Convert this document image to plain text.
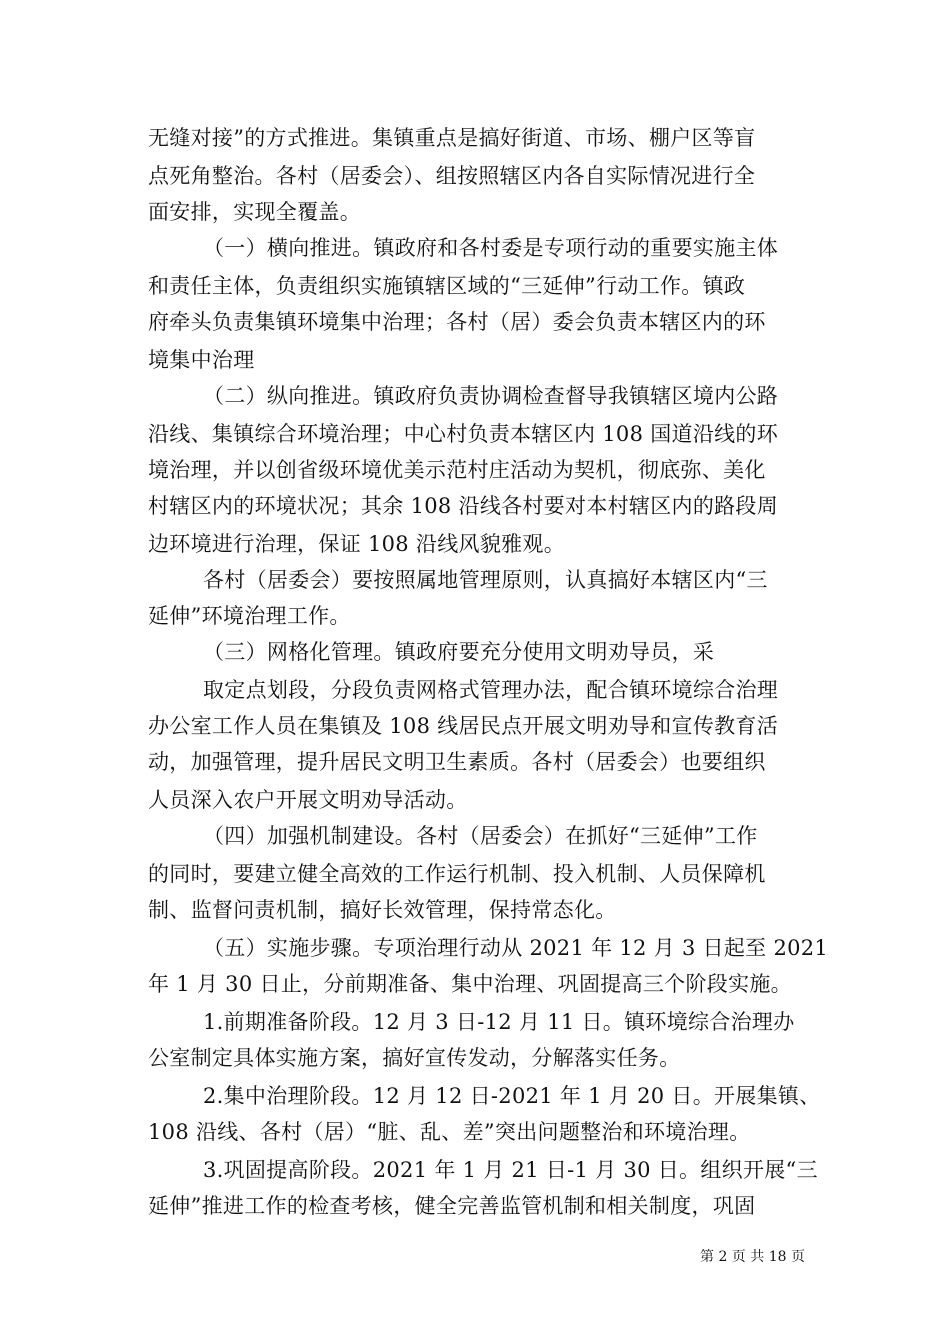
无缝对接”的方式推进。集镇重点是搞好街道、市场、棚户区等盲
点死角整治。各村（居委会）、组按照辖区内各自实际情况进行全
面安排，实现全覆盖。
（一）横向推进。镇政府和各村委是专项行动的重要实施主体
和责任主体，负责组织实施镇辖区域的“三延伸”行动工作。镇政
府牵头负责集镇环境集中治理；各村（居）委会负责本辖区内的环
境集中治理
（二）纵向推进。镇政府负责协调检查督导我镇辖区境内公路
沿线、集镇综合环境治理；中心村负责本辖区内 108 国道沿线的环
境治理，并以创省级环境优美示范村庄活动为契机，彻底弥、美化
村辖区内的环境状况；其余 108 沿线各村要对本村辖区内的路段周
边环境进行治理，保证 108 沿线风貌雅观。
各村（居委会）要按照属地管理原则，认真搞好本辖区内“三
延伸”环境治理工作。
（三）网格化管理。镇政府要充分使用文明劝导员，采
取定点划段，分段负责网格式管理办法，配合镇环境综合治理
办公室工作人员在集镇及 108 线居民点开展文明劝导和宣传教育活
动，加强管理，提升居民文明卫生素质。各村（居委会）也要组织
人员深入农户开展文明劝导活动。
（四）加强机制建设。各村（居委会）在抓好“三延伸”工作
的同时，要建立健全高效的工作运行机制、投入机制、人员保障机
制、监督问责机制，搞好长效管理，保持常态化。
（五）实施步骤。专项治理行动从 2021 年 12 月 3 日起至 2021
年 1 月 30 日止，分前期准备、集中治理、巩固提高三个阶段实施。
1.前期准备阶段。12 月 3 日-12 月 11 日。镇环境综合治理办
公室制定具体实施方案，搞好宣传发动，分解落实任务。
2.集中治理阶段。12 月 12 日-2021 年 1 月 20 日。开展集镇、
108 沿线、各村（居）“脏、乱、差”突出问题整治和环境治理。
3.巩固提高阶段。2021 年 1 月 21 日-1 月 30 日。组织开展“三
延伸”推进工作的检查考核，健全完善监管机制和相关制度，巩固
第 2 页 共 18 页
